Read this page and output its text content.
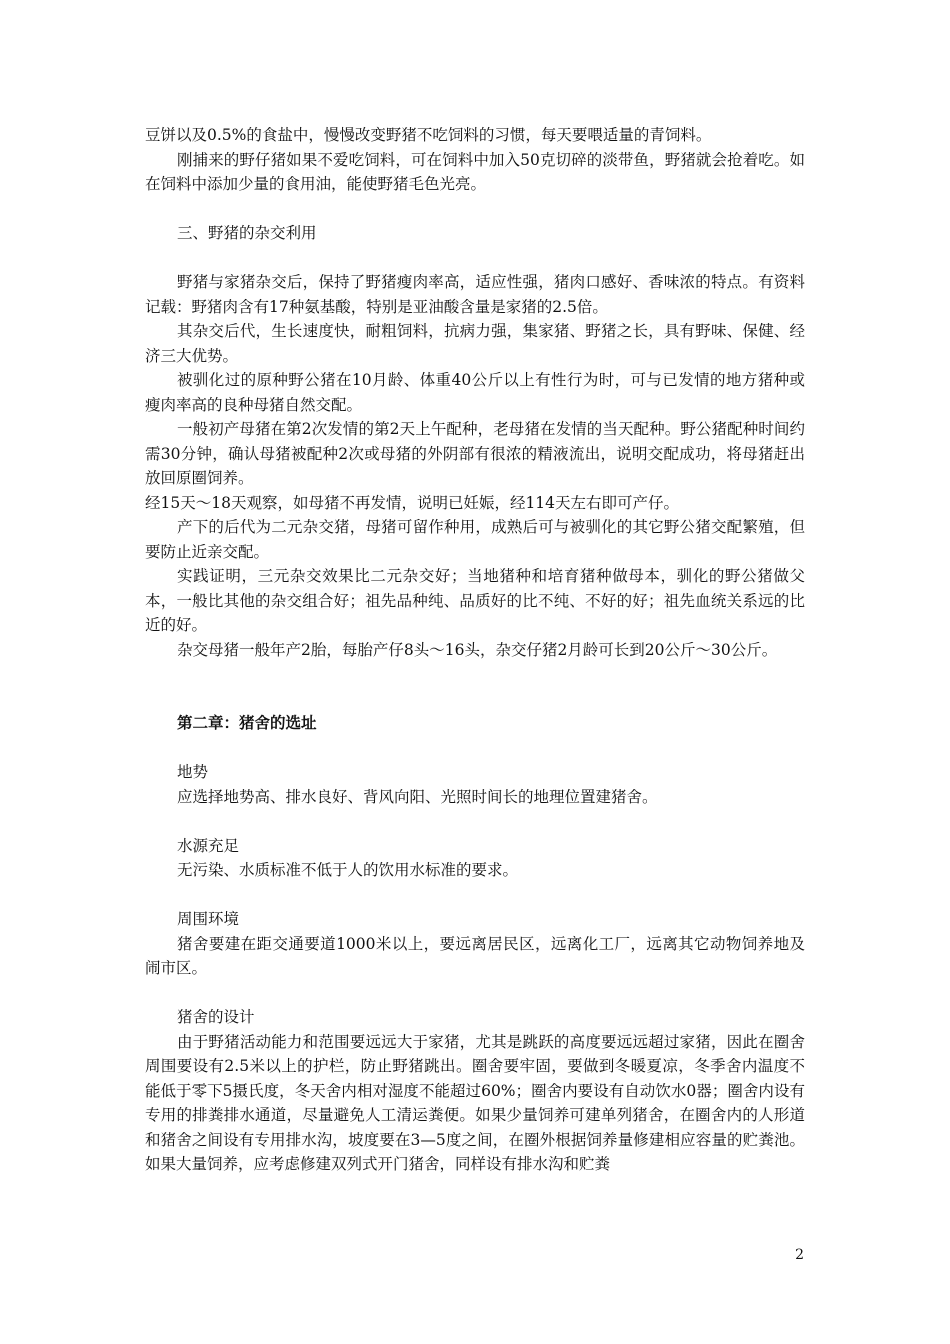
豆饼以及0.5%的食盐中，慢慢改变野猪不吃饲料的习惯，每天要喂适量的青饲料。

刚捕来的野仔猪如果不爱吃饲料，可在饲料中加入50克切碎的淡带鱼，野猪就会抢着吃。如在饲料中添加少量的食用油，能使野猪毛色光亮。

三、野猪的杂交利用

野猪与家猪杂交后，保持了野猪瘦肉率高，适应性强，猪肉口感好、香味浓的特点。有资料记载：野猪肉含有17种氨基酸，特别是亚油酸含量是家猪的2.5倍。

其杂交后代，生长速度快，耐粗饲料，抗病力强，集家猪、野猪之长，具有野味、保健、经济三大优势。

被驯化过的原种野公猪在10月龄、体重40公斤以上有性行为时，可与已发情的地方猪种或瘦肉率高的良种母猪自然交配。

一般初产母猪在第2次发情的第2天上午配种，老母猪在发情的当天配种。野公猪配种时间约需30分钟，确认母猪被配种2次或母猪的外阴部有很浓的精液流出，说明交配成功，将母猪赶出放回原圈饲养。

经15天～18天观察，如母猪不再发情，说明已妊娠，经114天左右即可产仔。

产下的后代为二元杂交猪，母猪可留作种用，成熟后可与被驯化的其它野公猪交配繁殖，但要防止近亲交配。

实践证明，三元杂交效果比二元杂交好；当地猪种和培育猪种做母本，驯化的野公猪做父本，一般比其他的杂交组合好；祖先品种纯、品质好的比不纯、不好的好；祖先血统关系远的比近的好。

杂交母猪一般年产2胎，每胎产仔8头～16头，杂交仔猪2月龄可长到20公斤～30公斤。

第二章：猪舍的选址

地势

应选择地势高、排水良好、背风向阳、光照时间长的地理位置建猪舍。

水源充足

无污染、水质标准不低于人的饮用水标准的要求。

周围环境

猪舍要建在距交通要道1000米以上，要远离居民区，远离化工厂，远离其它动物饲养地及闹市区。

猪舍的设计

由于野猪活动能力和范围要远远大于家猪，尤其是跳跃的高度要远远超过家猪，因此在圈舍周围要设有2.5米以上的护栏，防止野猪跳出。圈舍要牢固，要做到冬暖夏凉，冬季舍内温度不能低于零下5摄氏度，冬天舍内相对湿度不能超过60%；圈舍内要设有自动饮水0器；圈舍内设有专用的排粪排水通道，尽量避免人工清运粪便。如果少量饲养可建单列猪舍，在圈舍内的人形道和猪舍之间设有专用排水沟，坡度要在3—5度之间，在圈外根据饲养量修建相应容量的贮粪池。如果大量饲养，应考虑修建双列式开门猪舍，同样设有排水沟和贮粪

2
